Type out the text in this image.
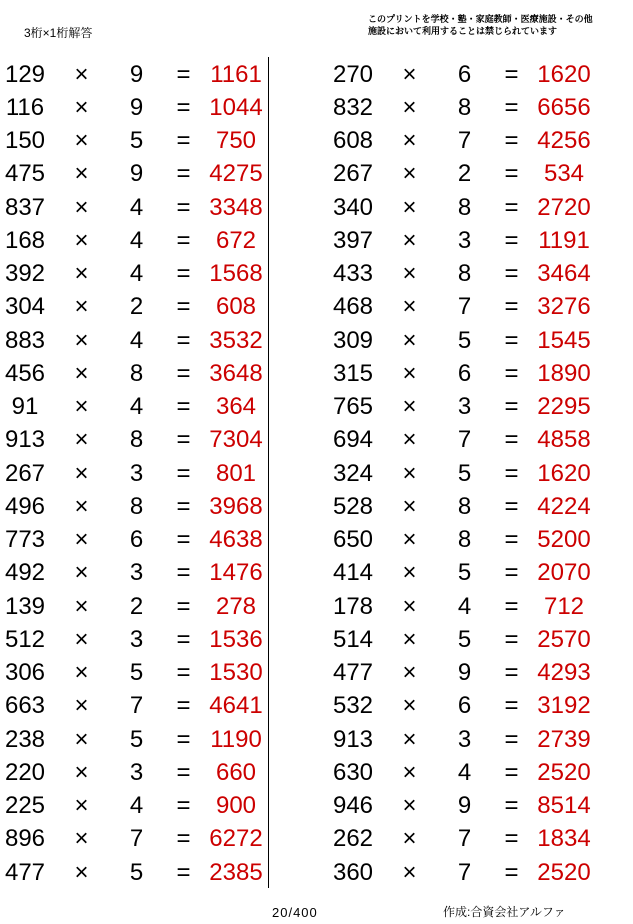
3桁×1桁解答
このプリントを学校・塾・家庭教師・医療施設・その他
施設において利用することは禁じられています
129	×	9	= 1161
116	×	9	= 1044
150	×	5	=	750
475	×	9	= 4275
837	×	4	= 3348
168	×	4	=	672
392	×	4	= 1568
304	×	2	=	608
883	×	4	= 3532
456	×	8	= 3648
91	×	4	=	364
913	×	8	= 7304
267	×	3	=	801
496	×	8	= 3968
773	×	6	= 4638
492	×	3	= 1476
139	×	2	=	278
512	×	3	= 1536
306	×	5	= 1530
663	×	7	= 4641
238	×	5	= 1190
220	×	3	=	660
225	×	4	=	900
896	×	7	= 6272
477	×	5	= 2385
270	×	6	= 1620
832	×	8	= 6656
608	×	7	= 4256
267	×	2	=	534
340	×	8	= 2720
397	×	3	= 1191
433	×	8	= 3464
468	×	7	= 3276
309	×	5	= 1545
315	×	6	= 1890
765	×	3	= 2295
694	×	7	= 4858
324	×	5	= 1620
528	×	8	= 4224
650	×	8	= 5200
414	×	5	= 2070
178	×	4	=	712
514	×	5	= 2570
477	×	9	= 4293
532	×	6	= 3192
913	×	3	= 2739
630	×	4	= 2520
946	×	9	= 8514
262	×	7	= 1834
360	×	7	= 2520
20/400	作成:合資会社アルファ
